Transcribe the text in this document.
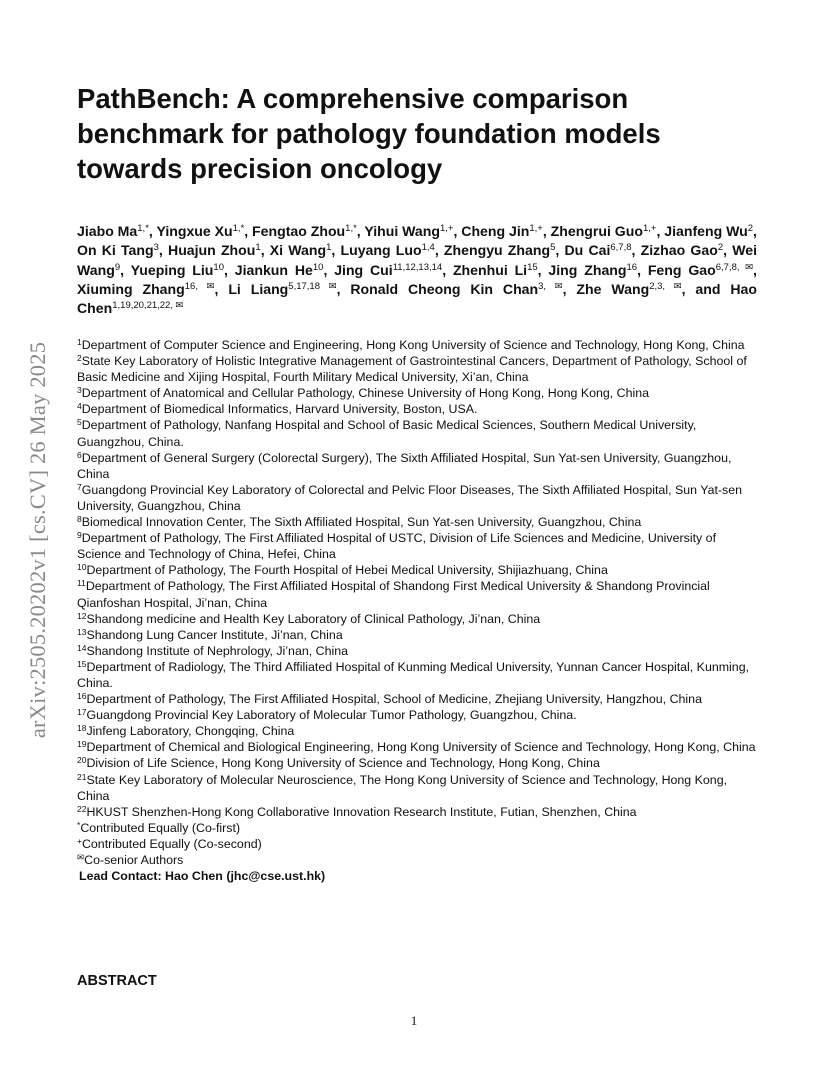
arXiv:2505.20202v1 [cs.CV] 26 May 2025
PathBench: A comprehensive comparison benchmark for pathology foundation models towards precision oncology
Jiabo $Ma^{1,*}$, Yingxue $Xu^{1,*}$, Fengtao Zhou$^{1,*}$, Yihui Wang$^{1,+}$, Cheng Jin$^{1,+}$, Zhengrui Guo$^{1,+}$, Jianfeng Wu$^2$, On Ki Tang$^3$, Huajun Zhou$^1$, Xi Wang$^1$, Luyang Luo$^{1,4}$, Zhengyu Zhang$^5$, Du Cai$^{6,7,8}$, Zizhao Gao$^2$, Wei Wang$^9$, Yueping Liu$^{10}$, Jiankun He$^{10}$, Jing Cui$^{11,12,13,14}$, Zhenhui Li$^{15}$, Jing Zhang$^{16}$, Feng Gao$^{6,7,8, ✉}$, Xiuming Zhang$^{16, ✉}$, Li Liang$^{5,17,18 ✉}$, Ronald Cheong Kin Chan$^{3, ✉}$, Zhe Wang$^{2,3, ✉}$, and Hao Chen$^{1,19,20,21,22, ✉}$
$^1$Department of Computer Science and Engineering, Hong Kong University of Science and Technology, Hong Kong, China
$^2$State Key Laboratory of Holistic Integrative Management of Gastrointestinal Cancers, Department of Pathology, School of Basic Medicine and Xijing Hospital, Fourth Military Medical University, Xi’an, China
$^3$Department of Anatomical and Cellular Pathology, Chinese University of Hong Kong, Hong Kong, China
$^4$Department of Biomedical Informatics, Harvard University, Boston, USA.
$^5$Department of Pathology, Nanfang Hospital and School of Basic Medical Sciences, Southern Medical University, Guangzhou, China.
$^6$Department of General Surgery (Colorectal Surgery), The Sixth Affiliated Hospital, Sun Yat-sen University, Guangzhou, China
$^7$Guangdong Provincial Key Laboratory of Colorectal and Pelvic Floor Diseases, The Sixth Affiliated Hospital, Sun Yat-sen University, Guangzhou, China
$^8$Biomedical Innovation Center, The Sixth Affiliated Hospital, Sun Yat-sen University, Guangzhou, China
$^9$Department of Pathology, The First Affiliated Hospital of USTC, Division of Life Sciences and Medicine, University of Science and Technology of China, Hefei, China
$^{10}$Department of Pathology, The Fourth Hospital of Hebei Medical University, Shijiazhuang, China
$^{11}$Department of Pathology, The First Affiliated Hospital of Shandong First Medical University & Shandong Provincial Qianfoshan Hospital, Ji’nan, China
$^{12}$Shandong medicine and Health Key Laboratory of Clinical Pathology, Ji’nan, China
$^{13}$Shandong Lung Cancer Institute, Ji’nan, China
$^{14}$Shandong Institute of Nephrology, Ji’nan, China
$^{15}$Department of Radiology, The Third Affiliated Hospital of Kunming Medical University, Yunnan Cancer Hospital, Kunming, China.
$^{16}$Department of Pathology, The First Affiliated Hospital, School of Medicine, Zhejiang University, Hangzhou, China
$^{17}$Guangdong Provincial Key Laboratory of Molecular Tumor Pathology, Guangzhou, China.
$^{18}$Jinfeng Laboratory, Chongqing, China
$^{19}$Department of Chemical and Biological Engineering, Hong Kong University of Science and Technology, Hong Kong, China
$^{20}$Division of Life Science, Hong Kong University of Science and Technology, Hong Kong, China
$^{21}$State Key Laboratory of Molecular Neuroscience, The Hong Kong University of Science and Technology, Hong Kong, China
$^{22}$HKUST Shenzhen-Hong Kong Collaborative Innovation Research Institute, Futian, Shenzhen, China
*Contributed Equally (Co-first)
+Contributed Equally (Co-second)
✉Co-senior Authors
Lead Contact: Hao Chen (jhc@cse.ust.hk)
ABSTRACT
1
